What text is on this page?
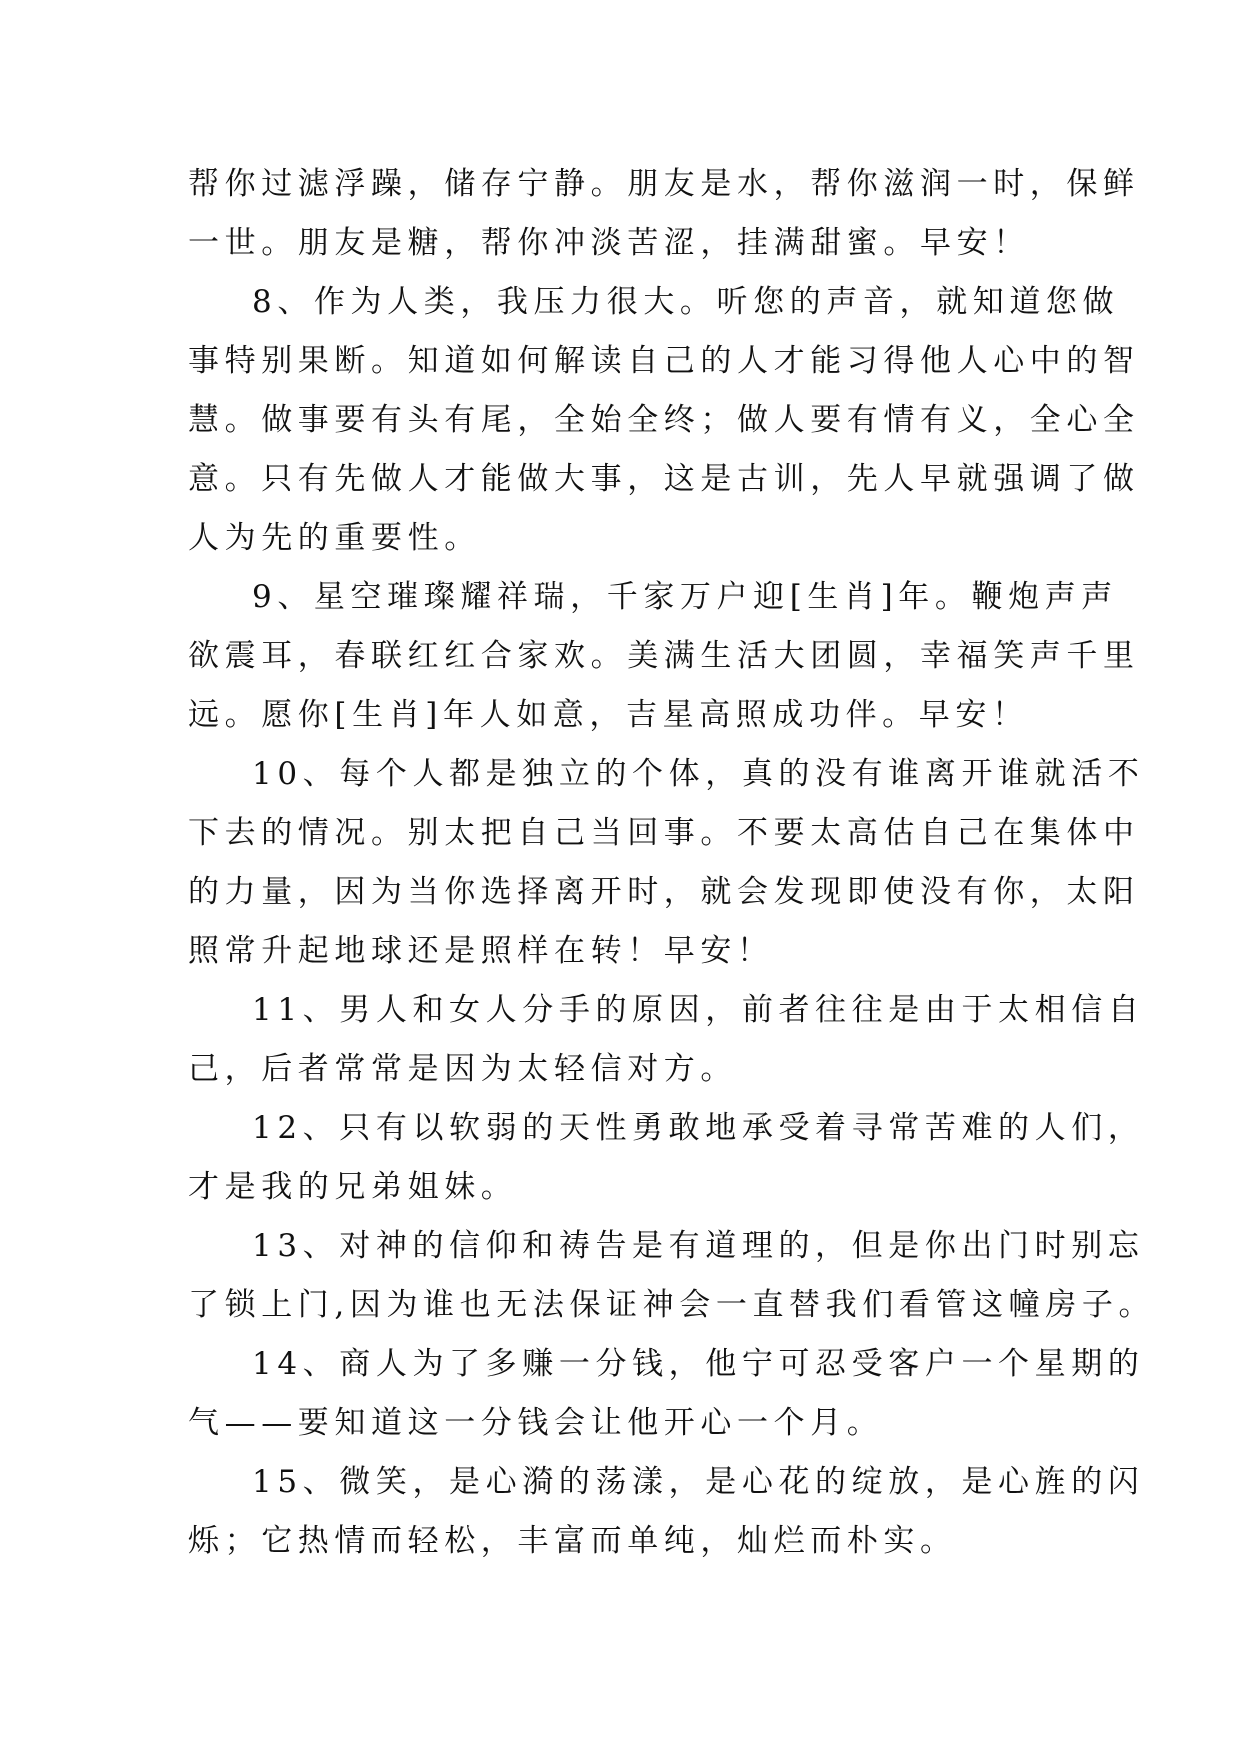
帮你过滤浮躁，储存宁静。朋友是水，帮你滋润一时，保鲜
一世。朋友是糖，帮你冲淡苦涩，挂满甜蜜。早安！

8、作为人类，我压力很大。听您的声音，就知道您做
事特别果断。知道如何解读自己的人才能习得他人心中的智
慧。做事要有头有尾，全始全终；做人要有情有义，全心全
意。只有先做人才能做大事，这是古训，先人早就强调了做
人为先的重要性。

9、星空璀璨耀祥瑞，千家万户迎[生肖]年。鞭炮声声
欲震耳，春联红红合家欢。美满生活大团圆，幸福笑声千里
远。愿你[生肖]年人如意，吉星高照成功伴。早安！

10、每个人都是独立的个体，真的没有谁离开谁就活不
下去的情况。别太把自己当回事。不要太高估自己在集体中
的力量，因为当你选择离开时，就会发现即使没有你，太阳
照常升起地球还是照样在转！早安！

11、男人和女人分手的原因，前者往往是由于太相信自
己，后者常常是因为太轻信对方。

12、只有以软弱的天性勇敢地承受着寻常苦难的人们，
才是我的兄弟姐妹。

13、对神的信仰和祷告是有道理的，但是你出门时别忘
了锁上门,因为谁也无法保证神会一直替我们看管这幢房子。

14、商人为了多赚一分钱，他宁可忍受客户一个星期的
气——要知道这一分钱会让他开心一个月。

15、微笑，是心漪的荡漾，是心花的绽放，是心旌的闪
烁；它热情而轻松，丰富而单纯，灿烂而朴实。
